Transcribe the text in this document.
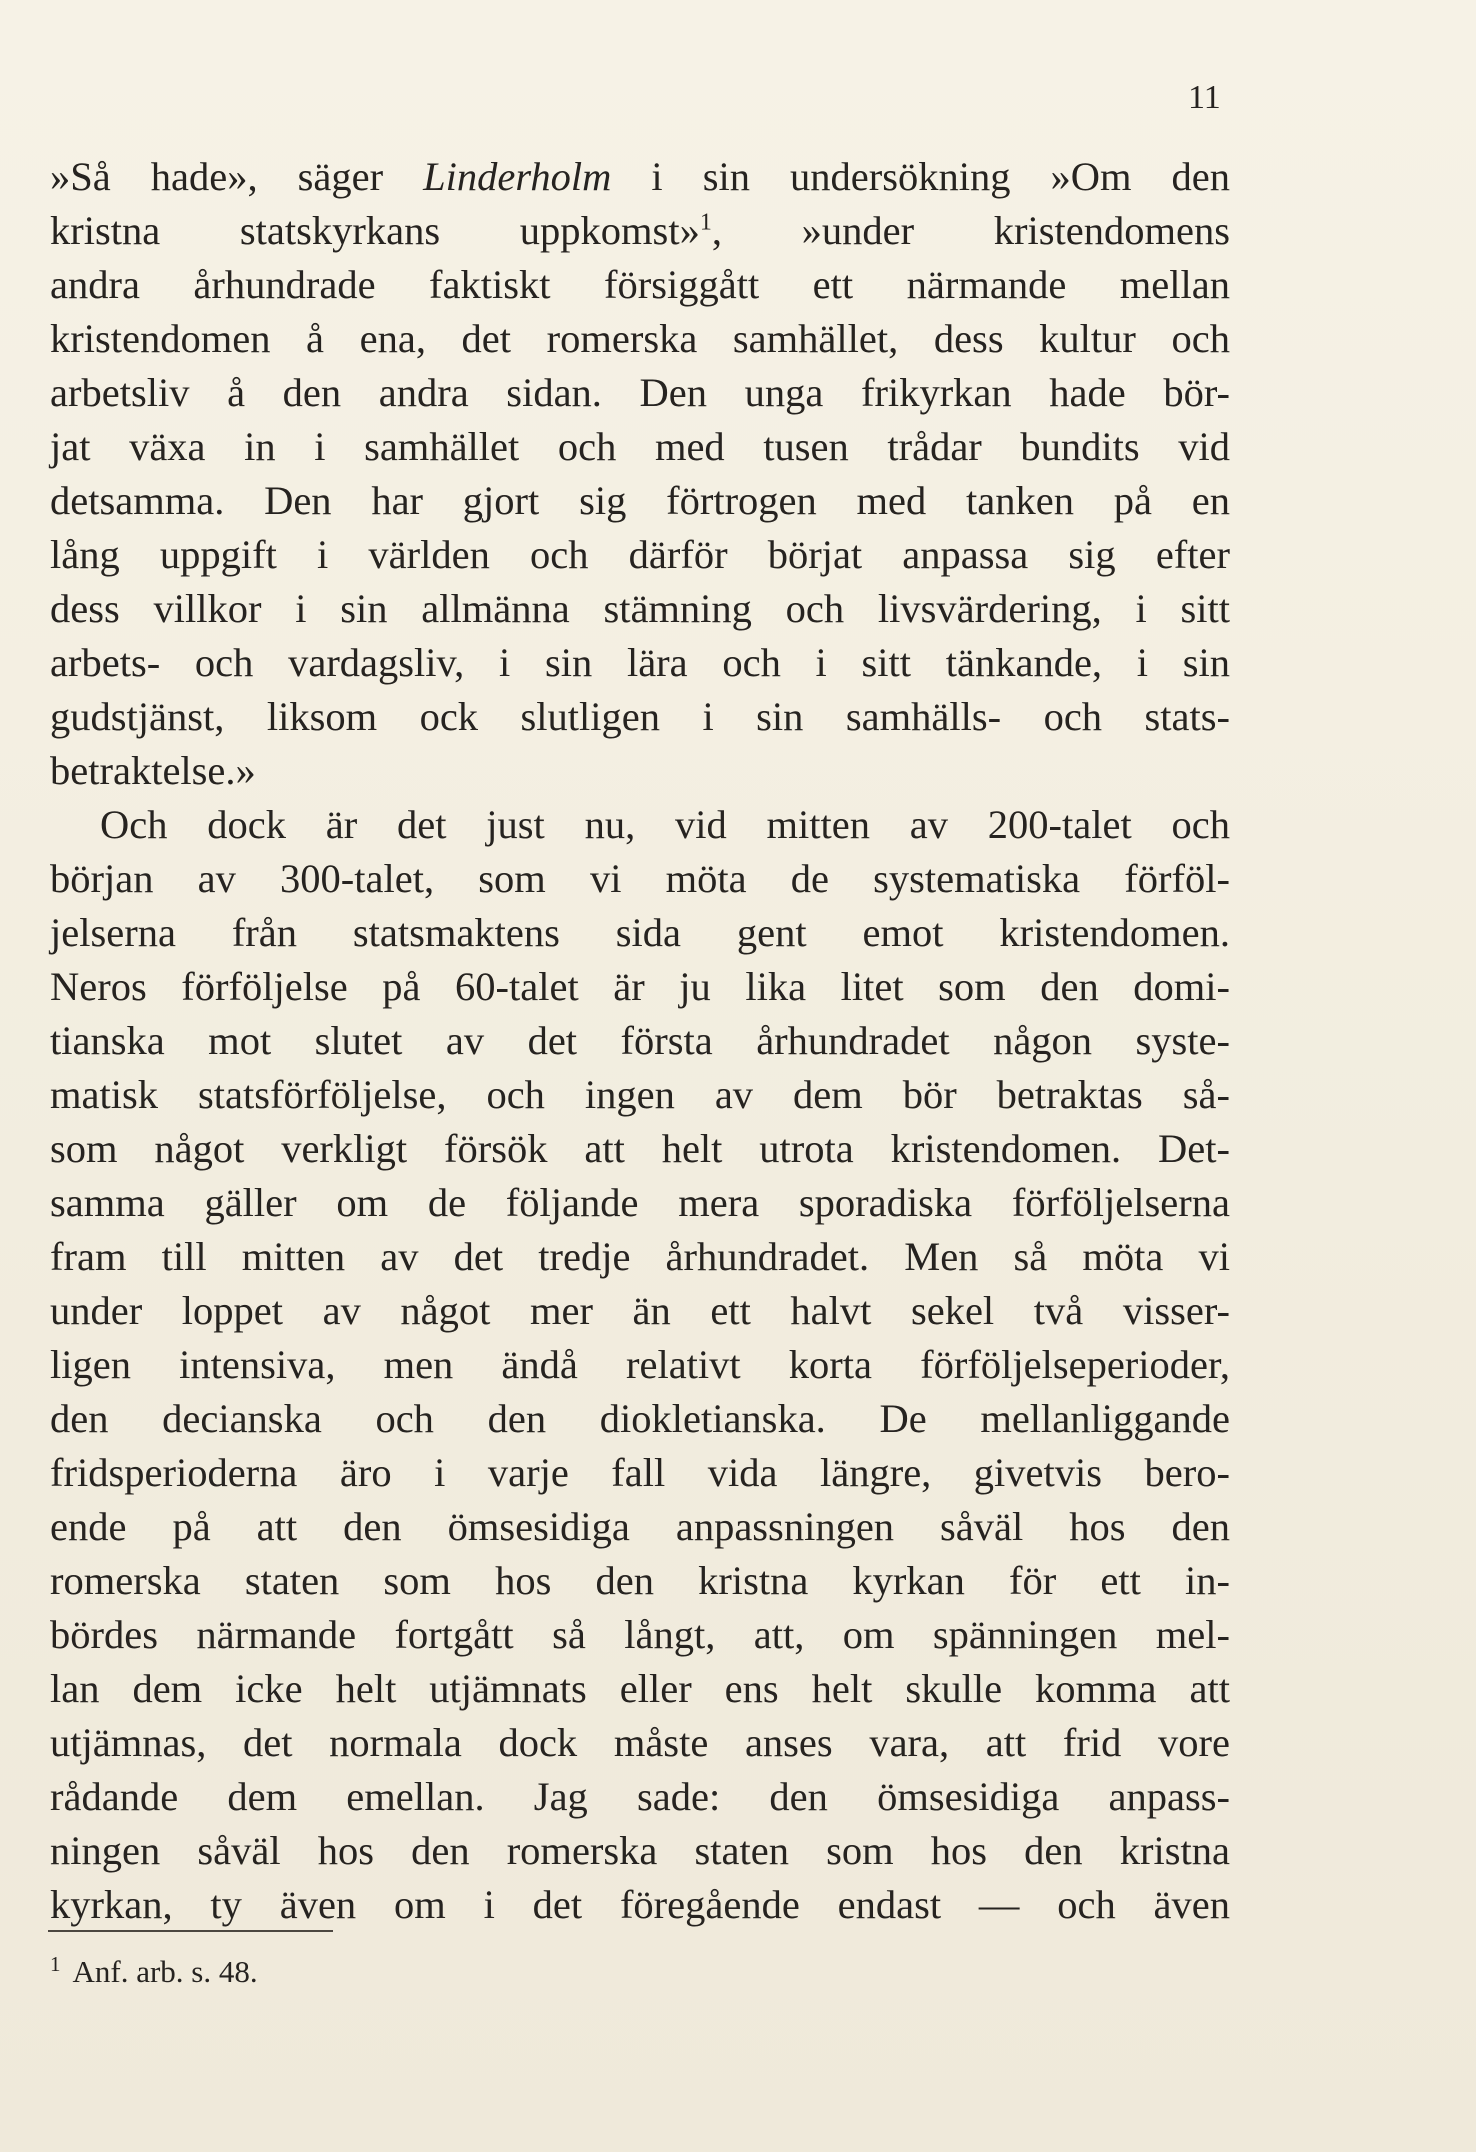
11

»Så hade», säger Linderholm i sin undersökning »Om den

kristna statskyrkans uppkomst»$^1$, »under kristendomens

andra århundrade faktiskt försiggått ett närmande mellan

kristendomen å ena, det romerska samhället, dess kultur och

arbetsliv å den andra sidan. Den unga frikyrkan hade bör-

jat växa in i samhället och med tusen trådar bundits vid

detsamma. Den har gjort sig förtrogen med tanken på en

lång uppgift i världen och därför börjat anpassa sig efter

dess villkor i sin allmänna stämning och livsvärdering, i sitt

arbets- och vardagsliv, i sin lära och i sitt tänkande, i sin

gudstjänst, liksom ock slutligen i sin samhälls- och stats-

betraktelse.»

Och dock är det just nu, vid mitten av 200-talet och

början av 300-talet, som vi möta de systematiska förföl-

jelserna från statsmaktens sida gent emot kristendomen.

Neros förföljelse på 60-talet är ju lika litet som den domi-

tianska mot slutet av det första århundradet någon syste-

matisk statsförföljelse, och ingen av dem bör betraktas så-

som något verkligt försök att helt utrota kristendomen. Det-

samma gäller om de följande mera sporadiska förföljelserna

fram till mitten av det tredje århundradet. Men så möta vi

under loppet av något mer än ett halvt sekel två visser-

ligen intensiva, men ändå relativt korta förföljelseperioder,

den decianska och den diokletianska. De mellanliggande

fridsperioderna äro i varje fall vida längre, givetvis bero-

ende på att den ömsesidiga anpassningen såväl hos den

romerska staten som hos den kristna kyrkan för ett in-

bördes närmande fortgått så långt, att, om spänningen mel-

lan dem icke helt utjämnats eller ens helt skulle komma att

utjämnas, det normala dock måste anses vara, att frid vore

rådande dem emellan. Jag sade: den ömsesidiga anpass-

ningen såväl hos den romerska staten som hos den kristna

kyrkan, ty även om i det föregående endast — och även

$^1$ Anf. arb. s. 48.
